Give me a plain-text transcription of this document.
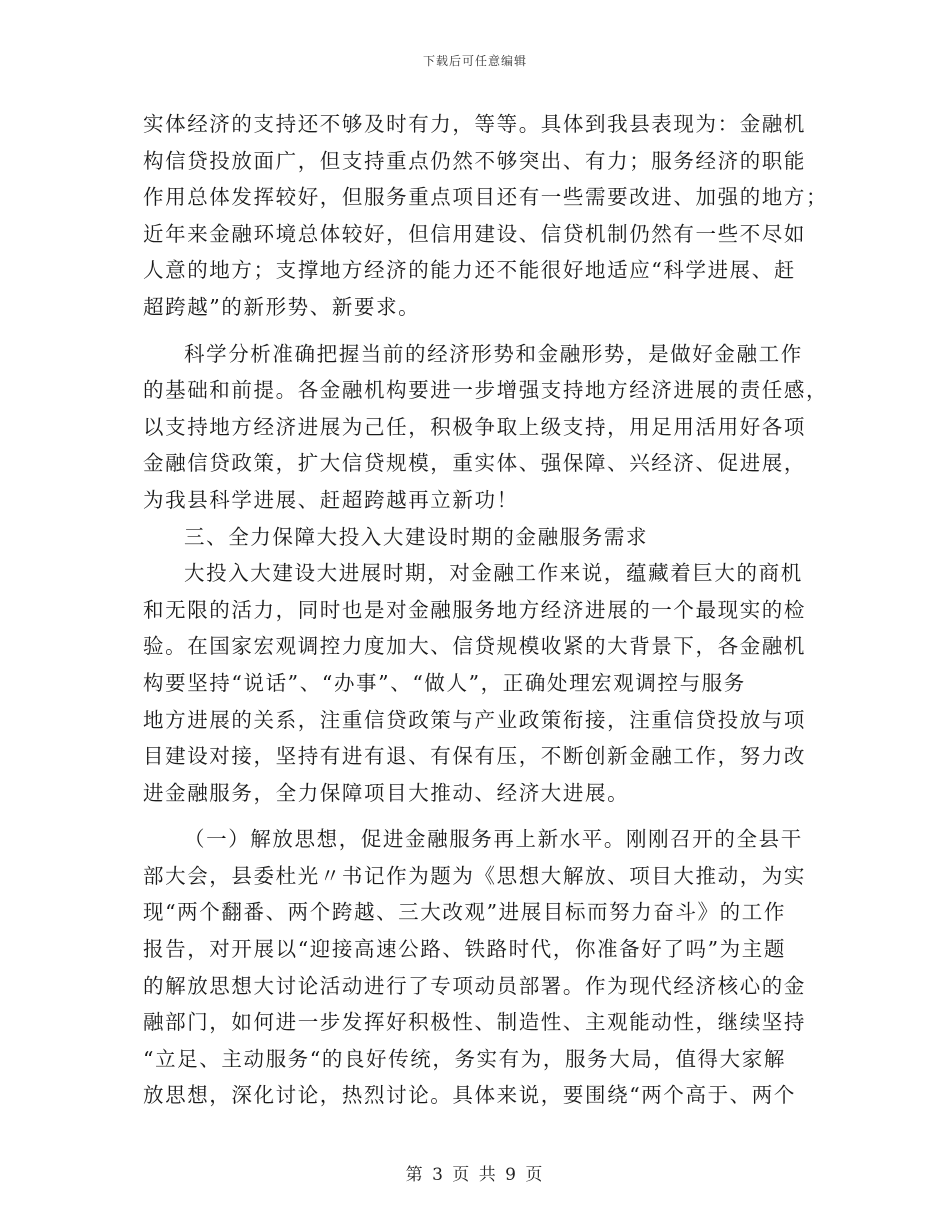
下载后可任意编辑
实体经济的支持还不够及时有力，等等。具体到我县表现为：金融机
构信贷投放面广，但支持重点仍然不够突出、有力；服务经济的职能
作用总体发挥较好，但服务重点项目还有一些需要改进、加强的地方；
近年来金融环境总体较好，但信用建设、信贷机制仍然有一些不尽如
人意的地方；支撑地方经济的能力还不能很好地适应“科学进展、赶
超跨越”的新形势、新要求。
科学分析准确把握当前的经济形势和金融形势，是做好金融工作
的基础和前提。各金融机构要进一步增强支持地方经济进展的责任感，
以支持地方经济进展为己任，积极争取上级支持，用足用活用好各项
金融信贷政策，扩大信贷规模，重实体、强保障、兴经济、促进展，
为我县科学进展、赶超跨越再立新功！
三、全力保障大投入大建设时期的金融服务需求
大投入大建设大进展时期，对金融工作来说，蕴藏着巨大的商机
和无限的活力，同时也是对金融服务地方经济进展的一个最现实的检
验。在国家宏观调控力度加大、信贷规模收紧的大背景下，各金融机
构要坚持“说话”、“办事”、“做人”，正确处理宏观调控与服务
地方进展的关系，注重信贷政策与产业政策衔接，注重信贷投放与项
目建设对接，坚持有进有退、有保有压，不断创新金融工作，努力改
进金融服务，全力保障项目大推动、经济大进展。
（一）解放思想，促进金融服务再上新水平。刚刚召开的全县干
部大会，县委杜光〃书记作为题为《思想大解放、项目大推动，为实
现“两个翻番、两个跨越、三大改观”进展目标而努力奋斗》的工作
报告，对开展以“迎接高速公路、铁路时代，你准备好了吗”为主题
的解放思想大讨论活动进行了专项动员部署。作为现代经济核心的金
融部门，如何进一步发挥好积极性、制造性、主观能动性，继续坚持
“立足、主动服务“的良好传统，务实有为，服务大局，值得大家解
放思想，深化讨论，热烈讨论。具体来说，要围绕“两个高于、两个
第 3 页 共 9 页
